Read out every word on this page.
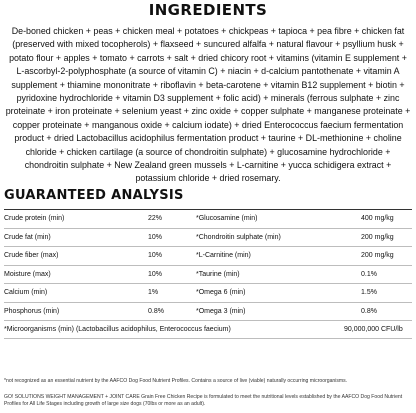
INGREDIENTS
De-boned chicken + peas + chicken meal + potatoes + chickpeas + tapioca + pea fibre + chicken fat (preserved with mixed tocopherols) + flaxseed + suncured alfalfa + natural flavour + psyllium husk + potato flour + apples + tomato + carrots + salt + dried chicory root + vitamins (vitamin E supplement + L-ascorbyl-2-polyphosphate (a source of vitamin C) + niacin + d-calcium pantothenate + vitamin A supplement + thiamine mononitrate + riboflavin + beta-carotene + vitamin B12 supplement + biotin + pyridoxine hydrochloride + vitamin D3 supplement + folic acid) + minerals (ferrous sulphate + zinc proteinate + iron proteinate + selenium yeast + zinc oxide + copper sulphate + manganese proteinate + copper proteinate + manganous oxide + calcium iodate) + dried Enterococcus faecium fermentation product + dried Lactobacillus acidophilus fermentation product + taurine + DL-methionine + choline chloride + chicken cartilage (a source of chondroitin sulphate) + glucosamine hydrochloride + chondroitin sulphate + New Zealand green mussels + L-carnitine + yucca schidigera extract + potassium chloride + dried rosemary.
GUARANTEED ANALYSIS
Crude protein (min)	22%	*Glucosamine (min)	400 mg/kg
Crude fat (min)	10%	*Chondroitin sulphate (min)	200 mg/kg
Crude fiber (max)	10%	*L-Carnitine (min)	200 mg/kg
Moisture (max)	10%	*Taurine (min)	0.1%
Calcium (min)	1%	*Omega 6 (min)	1.5%
Phosphorus (min)	0.8%	*Omega 3 (min)	0.8%
*Microorganisms (min) (Lactobacillus acidophilus, Enterococcus faecium)	90,000,000 CFU/lb
*not recognized as an essential nutrient by the AAFCO Dog Food Nutrient Profiles. Contains a source of live (viable) naturally occurring microorganisms.
GO! SOLUTIONS WEIGHT MANAGEMENT + JOINT CARE Grain Free Chicken Recipe is formulated to meet the nutritional levels established by the AAFCO Dog Food Nutrient Profiles for All Life Stages including growth of large size dogs (70lbs or more as an adult).
